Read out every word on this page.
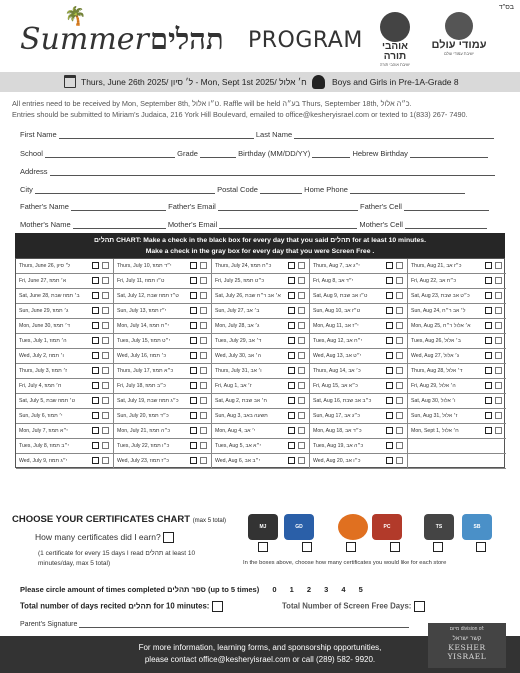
בס"ד
🌴
Summer תהלים PROGRAM	אוהבי תורה
ישיבת אוהבי תורה
עמודי עולם
ישיבת עמודי עולם
Thurs, June 26th 2025/ ל׳ סיון - Mon, Sept 1st 2025/ ח׳ אלול	Boys and Girls in Pre-1A-Grade 8
All entries need to be received by Mon, September 8th, ט״ו אלול. Raffle will be held בע״ה Thurs, September 18th, כ״ה אלול.
Entries should be submitted to Miriam's Judaica, 216 York Hill Boulevard, emailed to office@kesheryisrael.com or texted to 1(833) 267- 7490.
First Name	Last Name
School	Grade	Birthday (MM/DD/YY)	Hebrew Birthday
Address
City	Postal Code	Home Phone
Father's Name	Father's Email	Father's Cell
Mother's Name	Mother's Email	Mother's Cell
תהלים CHART: Make a check in the black box for every day that you said תהלים for at least 10 minutes.
Make a check in the gray box for every day that you were Screen Free .
Thurs, June 26, ל׳ סיון	Thurs, July 10, י״ד תמוז	Thurs, July 24, כ״ח תמוז	Thurs, Aug 7, י״ג אב	Thurs, Aug 21, כ״ז אב
Fri, June 27, א׳ תמוז	Fri, July 11, ט״ו תמוז	Fri, July 25, כ״ט תמוז	Fri, Aug 8, י״ד אב	Fri, Aug 22, כ״ח אב
Sat, June 28, ב׳ תמוז שבת	Sat, July 12, ט״ז תמוז שבת	Sat, July 26, א׳ אב ר״ח שבת	Sat, Aug 9, ט״ו אב שבת	Sat, Aug 23, כ״ט אב שבת
Sun, June 29, ג׳ תמוז	Sun, July 13, י״ז תמוז	Sun, July 27, ב׳ אב	Sun, Aug 10, ט״ז אב	Sun, Aug 24, ל׳ אב ר״ח
Mon, June 30, ד׳ תמוז	Mon, July 14, י״ח תמוז	Mon, July 28, ג׳ אב	Mon, Aug 11, י״ז אב	Mon, Aug 25, א׳ אלול ר״ח
Tues, July 1, ה׳ תמוז	Tues, July 15, י״ט תמוז	Tues, July 29, ד׳ אב	Tues, Aug 12, י״ח אב	Tues, Aug 26, ב׳ אלול
Wed, July 2, ו׳ תמוז	Wed, July 16, כ׳ תמוז	Wed, July 30, ה׳ אב	Wed, Aug 13, י״ט אב	Wed, Aug 27, ג׳ אלול
Thurs, July 3, ז׳ תמוז	Thurs, July 17, כ״א תמוז	Thurs, July 31, ו׳ אב	Thurs, Aug 14, כ׳ אב	Thurs, Aug 28, ד׳ אלול
Fri, July 4, ח׳ תמוז	Fri, July 18, כ״ב תמוז	Fri, Aug 1, ז׳ אב	Fri, Aug 15, כ״א אב	Fri, Aug 29, ה׳ אלול
Sat, July 5, ט׳ תמוז שבת	Sat, July 19, כ״ג תמוז שבת	Sat, Aug 2, ח׳ אב שבת	Sat, Aug 16, כ״ב אב שבת	Sat, Aug 30, ו׳ אלול
Sun, July 6, י׳ תמוז	Sun, July 20, כ״ד תמוז	Sun, Aug 3, תשעה באב	Sun, Aug 17, כ״ג אב	Sun, Aug 31, ז׳ אלול
Mon, July 7, י״א תמוז	Mon, July 21, כ״ה תמוז	Mon, Aug 4, י׳ אב	Mon, Aug 18, כ״ד אב	Mon, Sept 1, ח׳ אלול
Tues, July 8, י״ב תמוז	Tues, July 22, כ״ו תמוז	Tues, Aug 5, י״א אב	Tues, Aug 19, כ״ה אב
Wed, July 9, י״ג תמוז	Wed, July 23, כ״ז תמוז	Wed, Aug 6, י״ב אב	Wed, Aug 20, כ״ו אב
CHOOSE YOUR CERTIFICATES CHART (max 5 total)
How many certificates did I earn?
(1 certificate for every 15 days I read תהלים at least 10 minutes/day, max 5 total)
MJ	GD	PC	TS	SB
In the boxes above, choose how many certificates you would like for each store
Please circle amount of times completed ספר תהלים (up to 5 times) 0 1 2 3 4 5
Total number of days recited תהלים for 10 minutes:	Total Number of Screen Free Days:
Parent's Signature
For more information, learning forms, and sponsorship opportunities,
please contact office@kesheryisrael.com or call (289) 582- 9920.
מיזם division of:
קשר ישראל
KESHER YISRAEL
